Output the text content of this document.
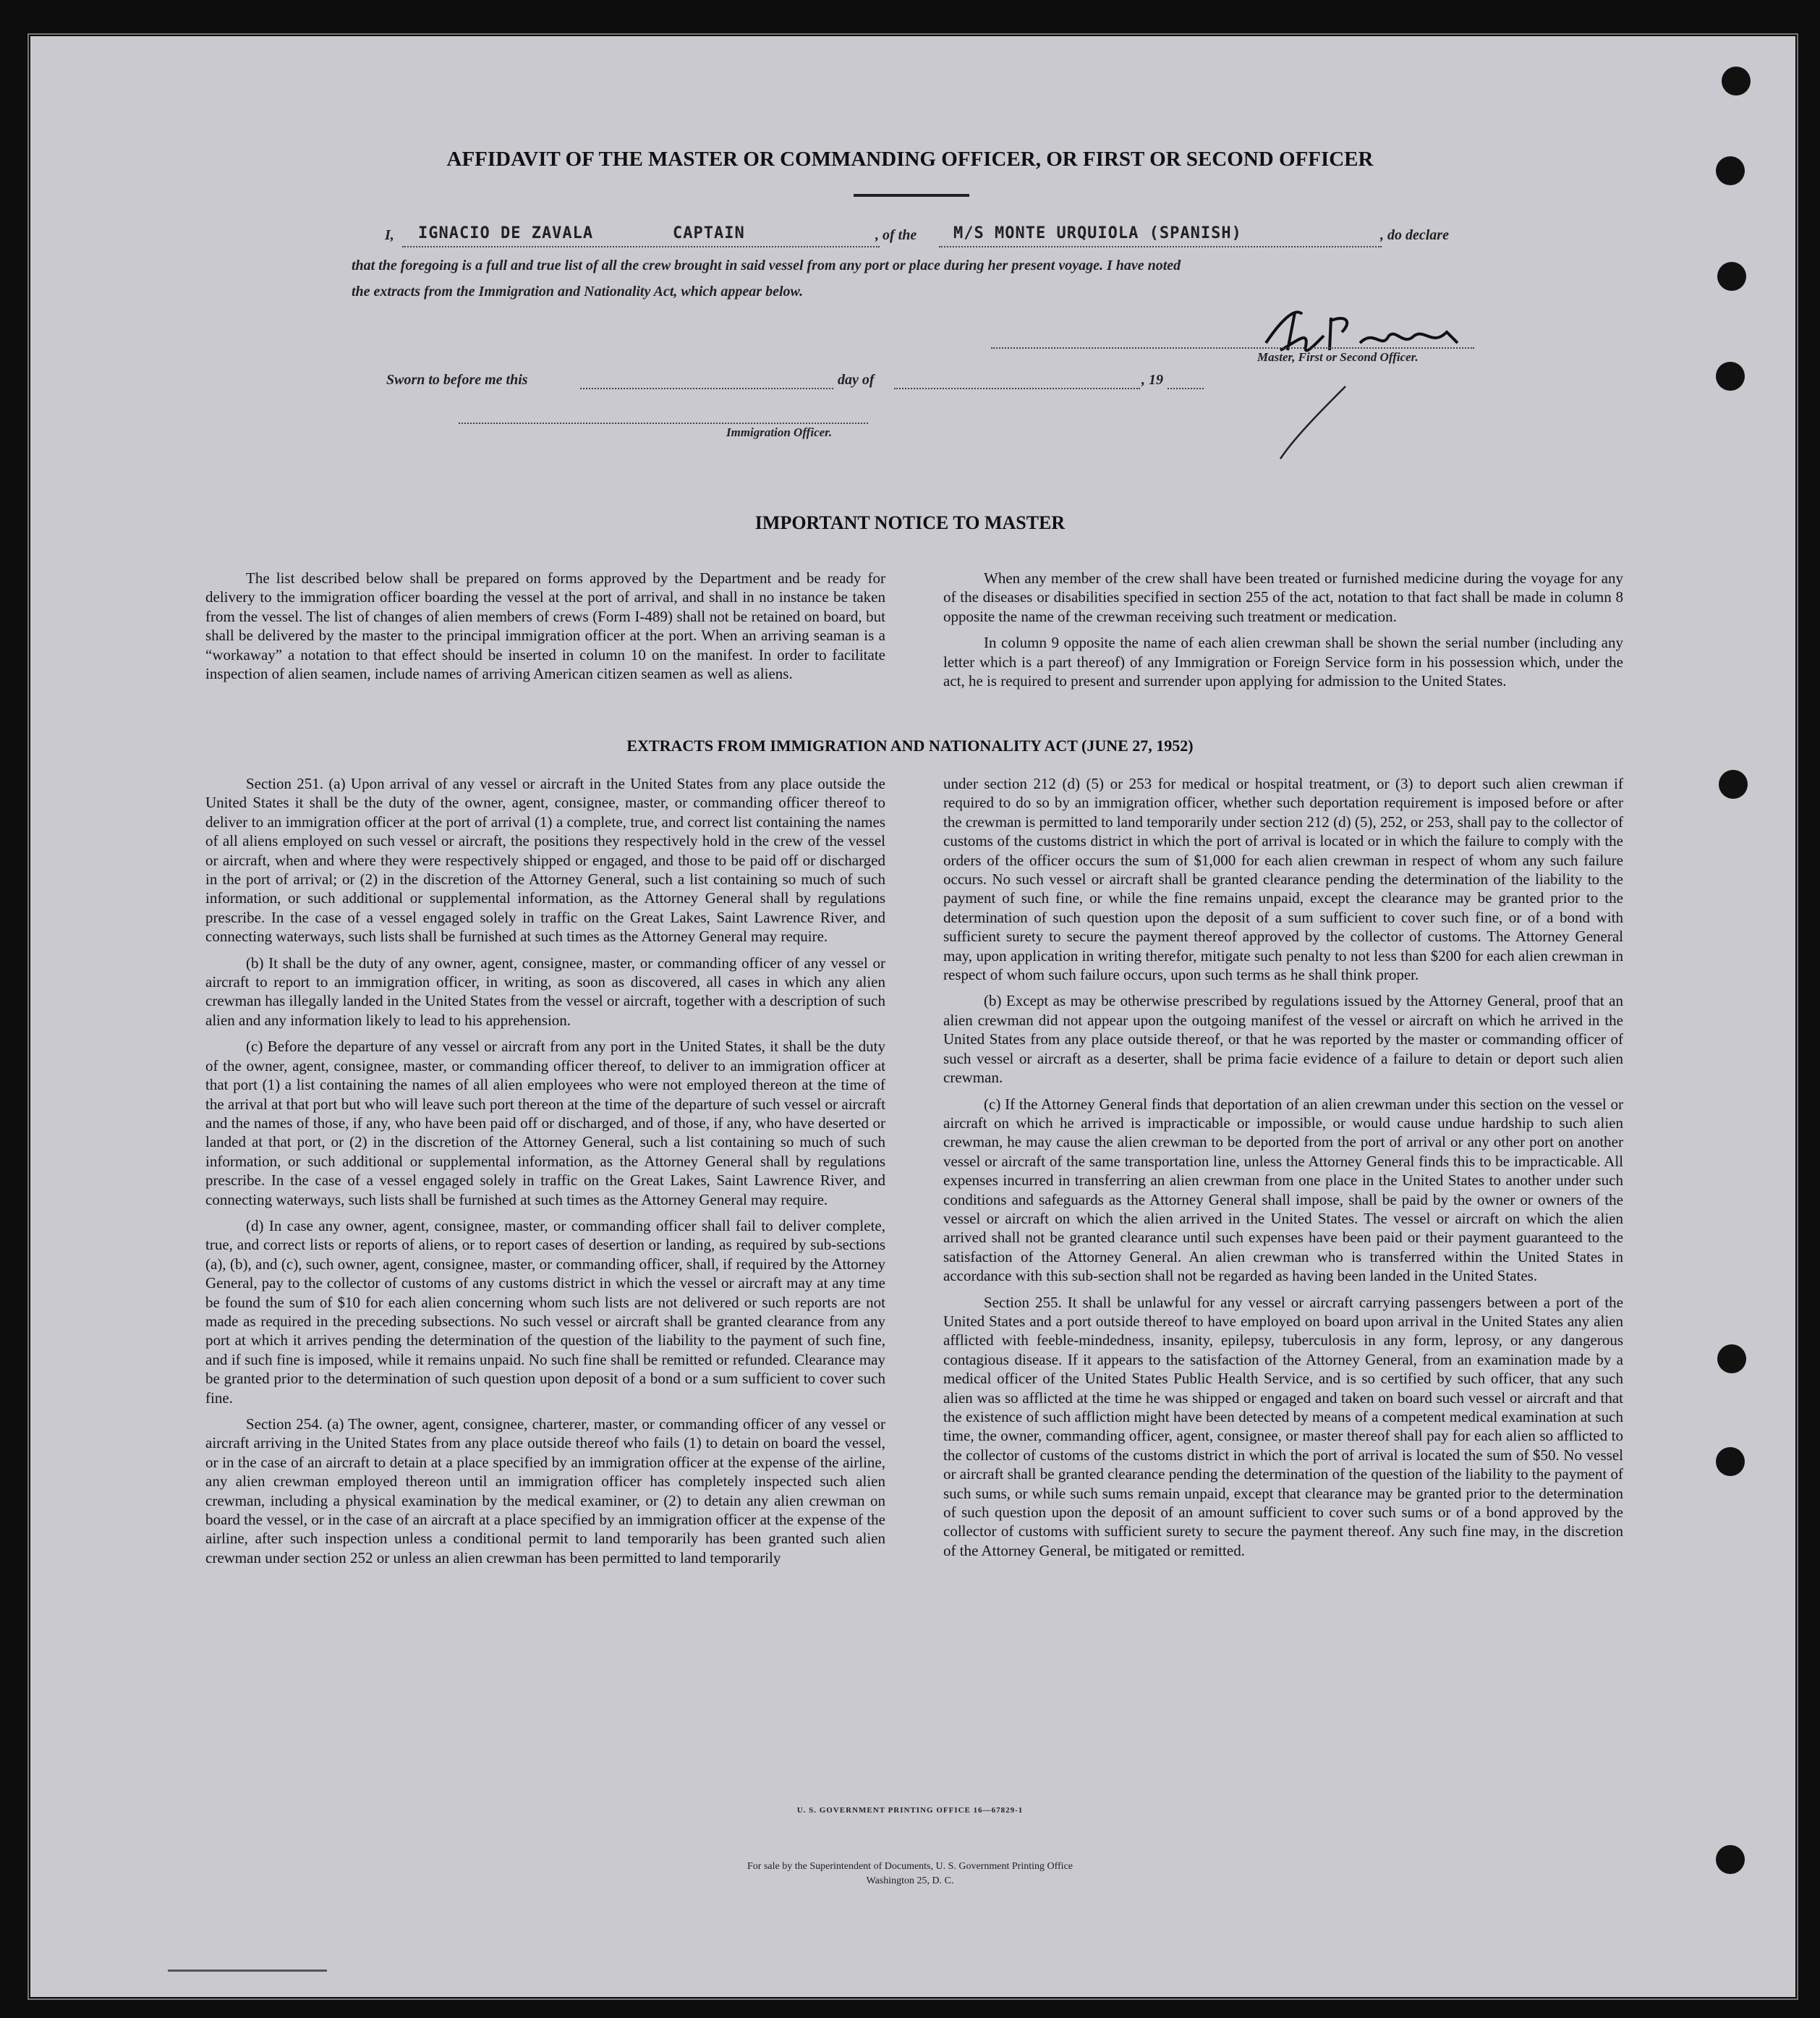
AFFIDAVIT OF THE MASTER OR COMMANDING OFFICER, OR FIRST OR SECOND OFFICER
I, IGNACIO DE ZAVALA	CAPTAIN	, of the M/S MONTE URQUIOLA (SPANISH)	, do declare
that the foregoing is a full and true list of all the crew brought in said vessel from any port or place during her present voyage. I have noted
the extracts from the Immigration and Nationality Act, which appear below.
Master, First or Second Officer.
Sworn to before me this	day of	, 19
Immigration Officer.
IMPORTANT NOTICE TO MASTER

The list described below shall be prepared on forms approved by the Department and be ready for delivery to the immigration officer boarding the vessel at the port of arrival, and shall in no instance be taken from the vessel. The list of changes of alien members of crews (Form I-489) shall not be retained on board, but shall be delivered by the master to the principal immigration officer at the port. When an arriving seaman is a “workaway” a notation to that effect should be inserted in column 10 on the manifest. In order to facilitate inspection of alien seamen, include names of arriving American citizen seamen as well as aliens.

When any member of the crew shall have been treated or furnished medicine during the voyage for any of the diseases or disabilities specified in section 255 of the act, notation to that fact shall be made in column 8 opposite the name of the crewman receiving such treatment or medication.

In column 9 opposite the name of each alien crewman shall be shown the serial number (including any letter which is a part thereof) of any Immigration or Foreign Service form in his possession which, under the act, he is required to present and surrender upon applying for admission to the United States.

EXTRACTS FROM IMMIGRATION AND NATIONALITY ACT (JUNE 27, 1952)

Section 251. (a) Upon arrival of any vessel or aircraft in the United States from any place outside the United States it shall be the duty of the owner, agent, consignee, master, or commanding officer thereof to deliver to an immigration officer at the port of arrival (1) a complete, true, and correct list containing the names of all aliens employed on such vessel or aircraft, the positions they respectively hold in the crew of the vessel or aircraft, when and where they were respectively shipped or engaged, and those to be paid off or discharged in the port of arrival; or (2) in the discretion of the Attorney General, such a list containing so much of such information, or such additional or supplemental information, as the Attorney General shall by regulations prescribe. In the case of a vessel engaged solely in traffic on the Great Lakes, Saint Lawrence River, and connecting waterways, such lists shall be furnished at such times as the Attorney General may require.

(b) It shall be the duty of any owner, agent, consignee, master, or commanding officer of any vessel or aircraft to report to an immigration officer, in writing, as soon as discovered, all cases in which any alien crewman has illegally landed in the United States from the vessel or aircraft, together with a description of such alien and any information likely to lead to his apprehension.

(c) Before the departure of any vessel or aircraft from any port in the United States, it shall be the duty of the owner, agent, consignee, master, or commanding officer thereof, to deliver to an immigration officer at that port (1) a list containing the names of all alien employees who were not employed thereon at the time of the arrival at that port but who will leave such port thereon at the time of the departure of such vessel or aircraft and the names of those, if any, who have been paid off or discharged, and of those, if any, who have deserted or landed at that port, or (2) in the discretion of the Attorney General, such a list containing so much of such information, or such additional or supplemental information, as the Attorney General shall by regulations prescribe. In the case of a vessel engaged solely in traffic on the Great Lakes, Saint Lawrence River, and connecting waterways, such lists shall be furnished at such times as the Attorney General may require.

(d) In case any owner, agent, consignee, master, or commanding officer shall fail to deliver complete, true, and correct lists or reports of aliens, or to report cases of desertion or landing, as required by sub-sections (a), (b), and (c), such owner, agent, consignee, master, or commanding officer, shall, if required by the Attorney General, pay to the collector of customs of any customs district in which the vessel or aircraft may at any time be found the sum of $10 for each alien concerning whom such lists are not delivered or such reports are not made as required in the preceding subsections. No such vessel or aircraft shall be granted clearance from any port at which it arrives pending the determination of the question of the liability to the payment of such fine, and if such fine is imposed, while it remains unpaid. No such fine shall be remitted or refunded. Clearance may be granted prior to the determination of such question upon deposit of a bond or a sum sufficient to cover such fine.

Section 254. (a) The owner, agent, consignee, charterer, master, or commanding officer of any vessel or aircraft arriving in the United States from any place outside thereof who fails (1) to detain on board the vessel, or in the case of an aircraft to detain at a place specified by an immigration officer at the expense of the airline, any alien crewman employed thereon until an immigration officer has completely inspected such alien crewman, including a physical examination by the medical examiner, or (2) to detain any alien crewman on board the vessel, or in the case of an aircraft at a place specified by an immigration officer at the expense of the airline, after such inspection unless a conditional permit to land temporarily has been granted such alien crewman under section 252 or unless an alien crewman has been permitted to land temporarily

under section 212 (d) (5) or 253 for medical or hospital treatment, or (3) to deport such alien crewman if required to do so by an immigration officer, whether such deportation requirement is imposed before or after the crewman is permitted to land temporarily under section 212 (d) (5), 252, or 253, shall pay to the collector of customs of the customs district in which the port of arrival is located or in which the failure to comply with the orders of the officer occurs the sum of $1,000 for each alien crewman in respect of whom any such failure occurs. No such vessel or aircraft shall be granted clearance pending the determination of the liability to the payment of such fine, or while the fine remains unpaid, except the clearance may be granted prior to the determination of such question upon the deposit of a sum sufficient to cover such fine, or of a bond with sufficient surety to secure the payment thereof approved by the collector of customs. The Attorney General may, upon application in writing therefor, mitigate such penalty to not less than $200 for each alien crewman in respect of whom such failure occurs, upon such terms as he shall think proper.

(b) Except as may be otherwise prescribed by regulations issued by the Attorney General, proof that an alien crewman did not appear upon the outgoing manifest of the vessel or aircraft on which he arrived in the United States from any place outside thereof, or that he was reported by the master or commanding officer of such vessel or aircraft as a deserter, shall be prima facie evidence of a failure to detain or deport such alien crewman.

(c) If the Attorney General finds that deportation of an alien crewman under this section on the vessel or aircraft on which he arrived is impracticable or impossible, or would cause undue hardship to such alien crewman, he may cause the alien crewman to be deported from the port of arrival or any other port on another vessel or aircraft of the same transportation line, unless the Attorney General finds this to be impracticable. All expenses incurred in transferring an alien crewman from one place in the United States to another under such conditions and safeguards as the Attorney General shall impose, shall be paid by the owner or owners of the vessel or aircraft on which the alien arrived in the United States. The vessel or aircraft on which the alien arrived shall not be granted clearance until such expenses have been paid or their payment guaranteed to the satisfaction of the Attorney General. An alien crewman who is transferred within the United States in accordance with this sub-section shall not be regarded as having been landed in the United States.

Section 255. It shall be unlawful for any vessel or aircraft carrying passengers between a port of the United States and a port outside thereof to have employed on board upon arrival in the United States any alien afflicted with feeble-mindedness, insanity, epilepsy, tuberculosis in any form, leprosy, or any dangerous contagious disease. If it appears to the satisfaction of the Attorney General, from an examination made by a medical officer of the United States Public Health Service, and is so certified by such officer, that any such alien was so afflicted at the time he was shipped or engaged and taken on board such vessel or aircraft and that the existence of such affliction might have been detected by means of a competent medical examination at such time, the owner, commanding officer, agent, consignee, or master thereof shall pay for each alien so afflicted to the collector of customs of the customs district in which the port of arrival is located the sum of $50. No vessel or aircraft shall be granted clearance pending the determination of the question of the liability to the payment of such sums, or while such sums remain unpaid, except that clearance may be granted prior to the determination of such question upon the deposit of an amount sufficient to cover such sums or of a bond approved by the collector of customs with sufficient surety to secure the payment thereof. Any such fine may, in the discretion of the Attorney General, be mitigated or remitted.

U. S. GOVERNMENT PRINTING OFFICE 16—67829-1
For sale by the Superintendent of Documents, U. S. Government Printing Office
Washington 25, D. C.
